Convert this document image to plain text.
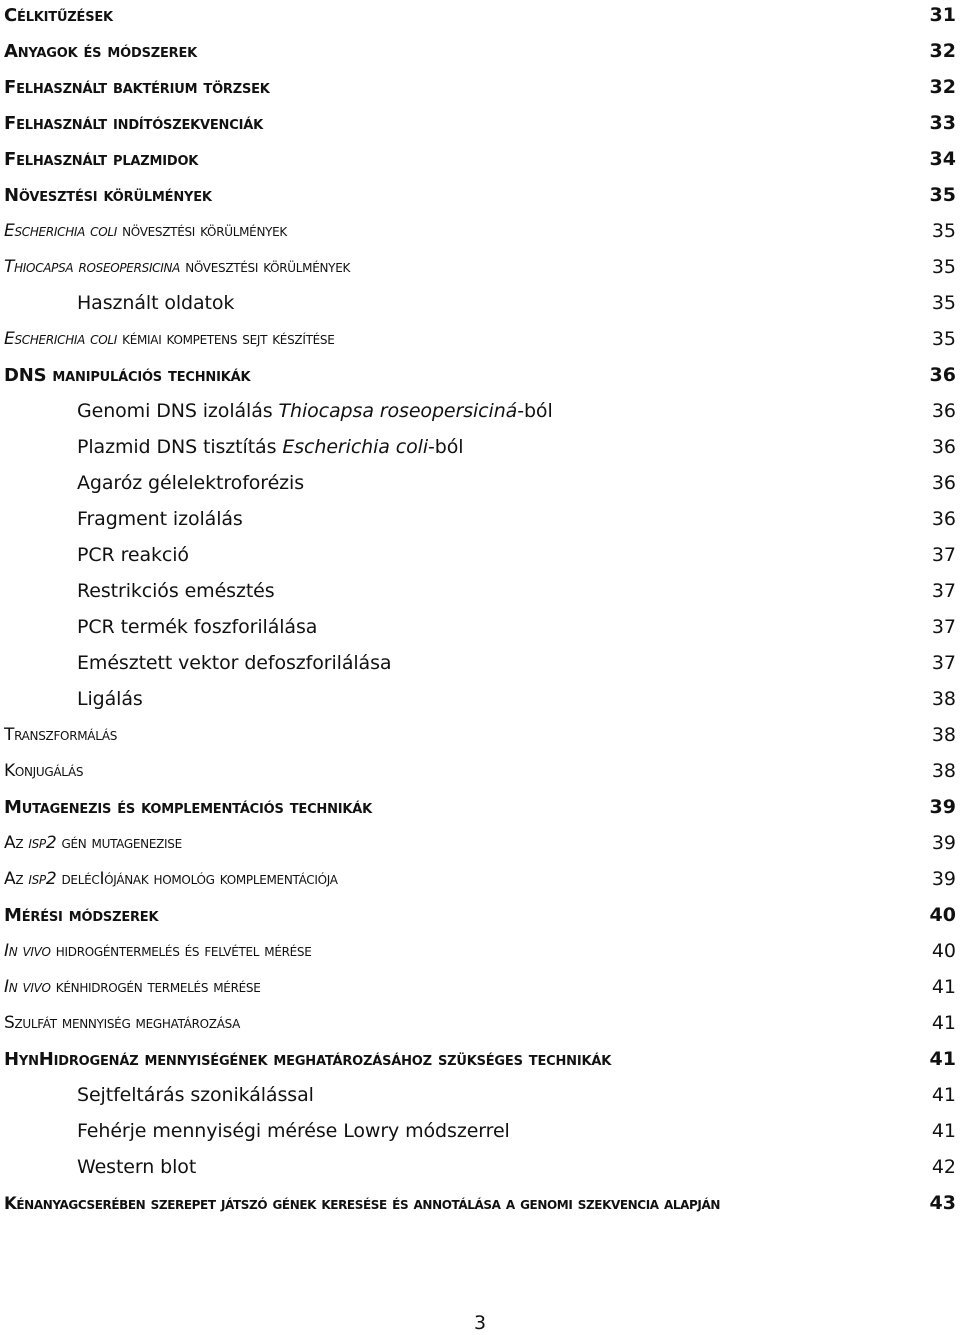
Célkitűzések	31
Anyagok és módszerek	32
Felhasznált baktérium törzsek	32
Felhasznált indítószekvenciák	33
Felhasznált plazmidok	34
Növesztési körülmények	35
Escherichia coli növesztési körülmények	35
Thiocapsa roseopersicina növesztési körülmények	35
Használt oldatok	35
Escherichia coli kémiai kompetens sejt készítése	35
DNS manipulációs technikák	36
Genomi DNS izolálás Thiocapsa roseopersiciná-ból	36
Plazmid DNS tisztítás Escherichia coli-ból	36
Agaróz gélelektroforézis	36
Fragment izolálás	36
PCR reakció	37
Restrikciós emésztés	37
PCR termék foszforilálása	37
Emésztett vektor defoszforilálása	37
Ligálás	38
Transzformálás	38
Konjugálás	38
Mutagenezis és komplementációs technikák	39
Az isp2 gén mutagenezise	39
Az isp2 delécIójának homológ komplementációja	39
Mérési módszerek	40
In vivo hidrogéntermelés és felvétel mérése	40
In vivo kénhidrogén termelés mérése	41
Szulfát mennyiség meghatározása	41
HynHidrogenáz mennyiségének meghatározásához szükséges technikák	41
Sejtfeltárás szonikálással	41
Fehérje mennyiségi mérése Lowry módszerrel	41
Western blot	42
Kénanyagcserében szerepet játszó gének keresése és annotálása a genomi szekvencia alapján	43
3
